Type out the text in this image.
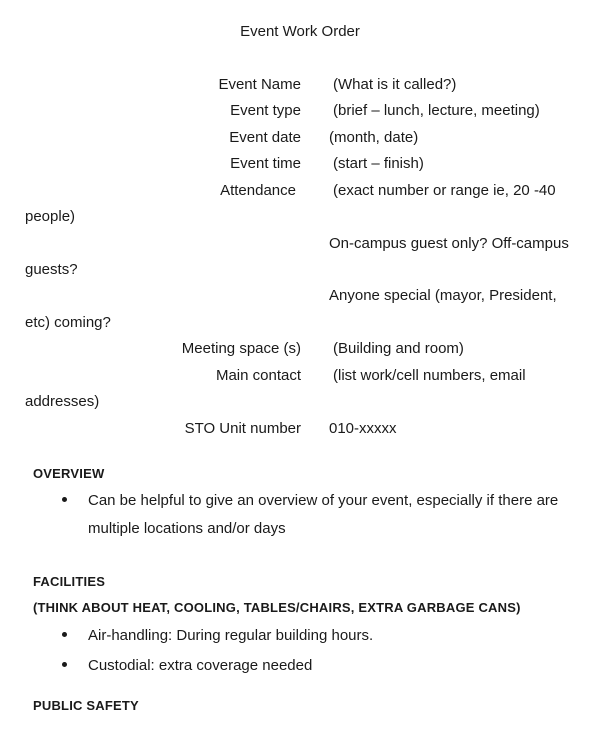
Event Work Order
Event Name (What is it called?)
Event type (brief – lunch, lecture, meeting)
Event date (month, date)
Event time (start – finish)
Attendance (exact number or range ie, 20 -40
people)
On-campus guest only? Off-campus
guests?
Anyone special (mayor, President,
etc) coming?
Meeting space (s) (Building and room)
Main contact (list work/cell numbers, email
addresses)
STO Unit number 010-xxxxx
OVERVIEW
Can be helpful to give an overview of your event, especially if there are
multiple locations and/or days
FACILITIES
(THINK ABOUT HEAT, COOLING, TABLES/CHAIRS, EXTRA GARBAGE CANS)
Air-handling: During regular building hours.
Custodial: extra coverage needed
PUBLIC SAFETY
